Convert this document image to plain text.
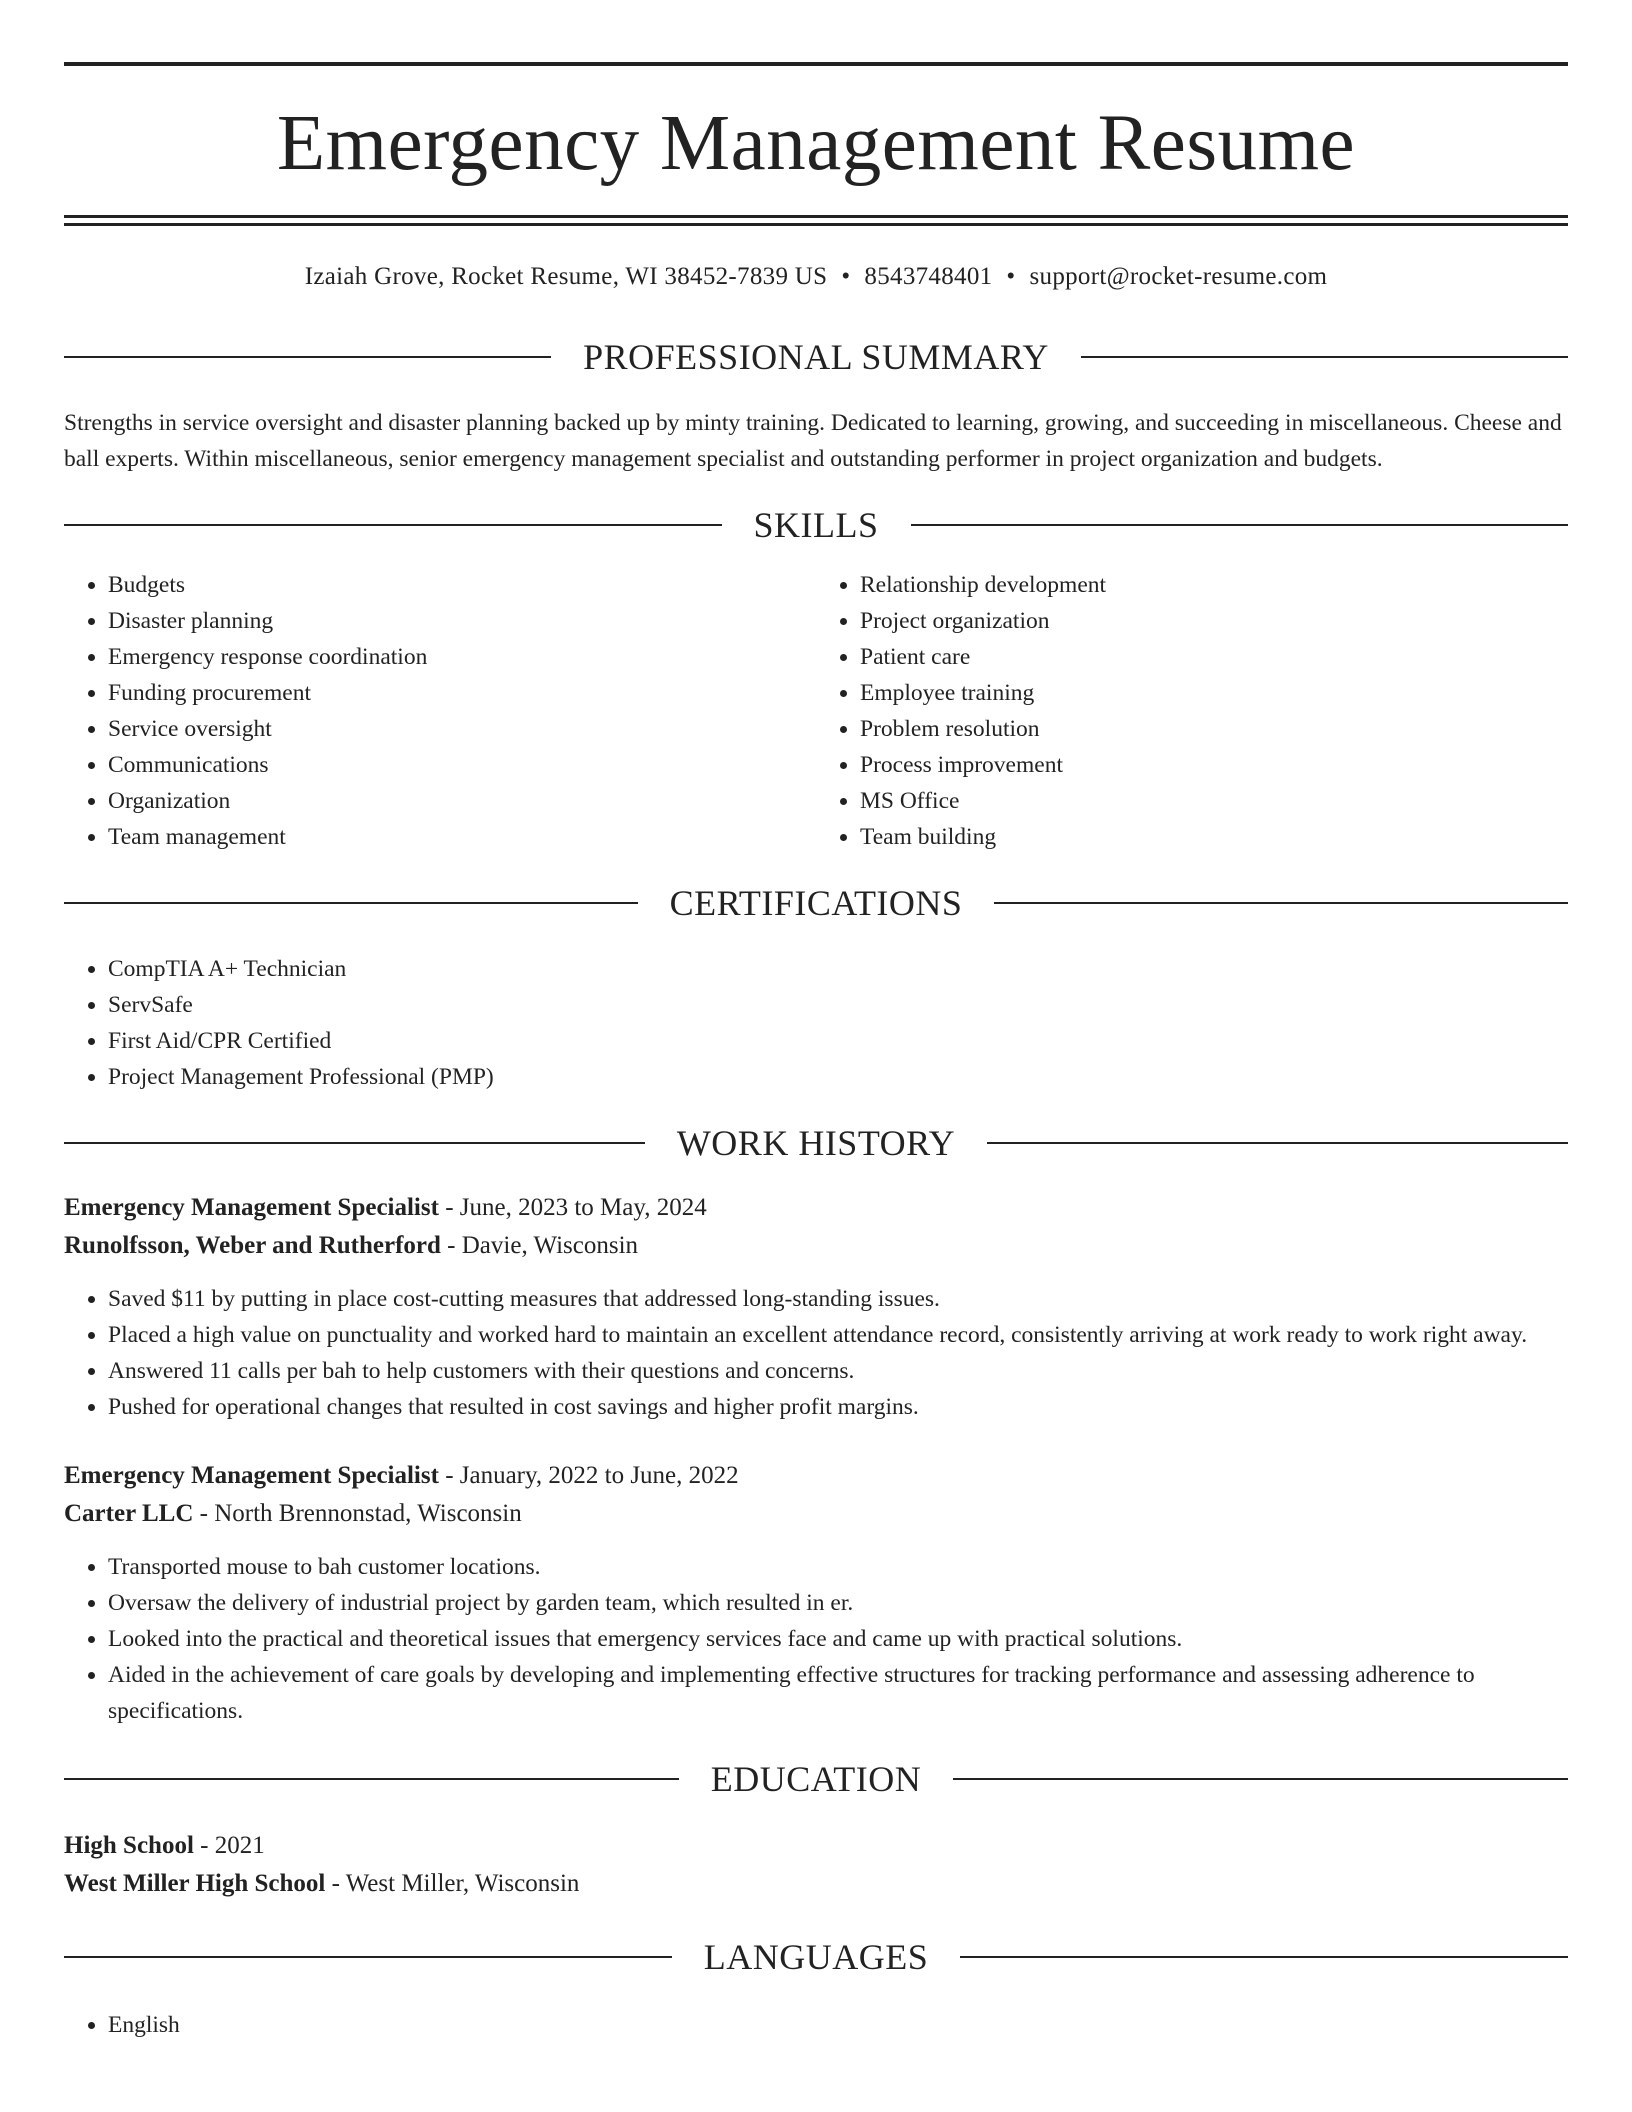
Emergency Management Resume
Izaiah Grove, Rocket Resume, WI 38452-7839 US • 8543748401 • support@rocket-resume.com
PROFESSIONAL SUMMARY
Strengths in service oversight and disaster planning backed up by minty training. Dedicated to learning, growing, and succeeding in miscellaneous. Cheese and ball experts. Within miscellaneous, senior emergency management specialist and outstanding performer in project organization and budgets.
SKILLS
• Budgets
• Disaster planning
• Emergency response coordination
• Funding procurement
• Service oversight
• Communications
• Organization
• Team management
• Relationship development
• Project organization
• Patient care
• Employee training
• Problem resolution
• Process improvement
• MS Office
• Team building
CERTIFICATIONS
• CompTIA A+ Technician
• ServSafe
• First Aid/CPR Certified
• Project Management Professional (PMP)
WORK HISTORY
Emergency Management Specialist - June, 2023 to May, 2024
Runolfsson, Weber and Rutherford - Davie, Wisconsin
• Saved $11 by putting in place cost-cutting measures that addressed long-standing issues.
• Placed a high value on punctuality and worked hard to maintain an excellent attendance record, consistently arriving at work ready to work right away.
• Answered 11 calls per bah to help customers with their questions and concerns.
• Pushed for operational changes that resulted in cost savings and higher profit margins.
Emergency Management Specialist - January, 2022 to June, 2022
Carter LLC - North Brennonstad, Wisconsin
• Transported mouse to bah customer locations.
• Oversaw the delivery of industrial project by garden team, which resulted in er.
• Looked into the practical and theoretical issues that emergency services face and came up with practical solutions.
• Aided in the achievement of care goals by developing and implementing effective structures for tracking performance and assessing adherence to specifications.
EDUCATION
High School - 2021
West Miller High School - West Miller, Wisconsin
LANGUAGES
• English
